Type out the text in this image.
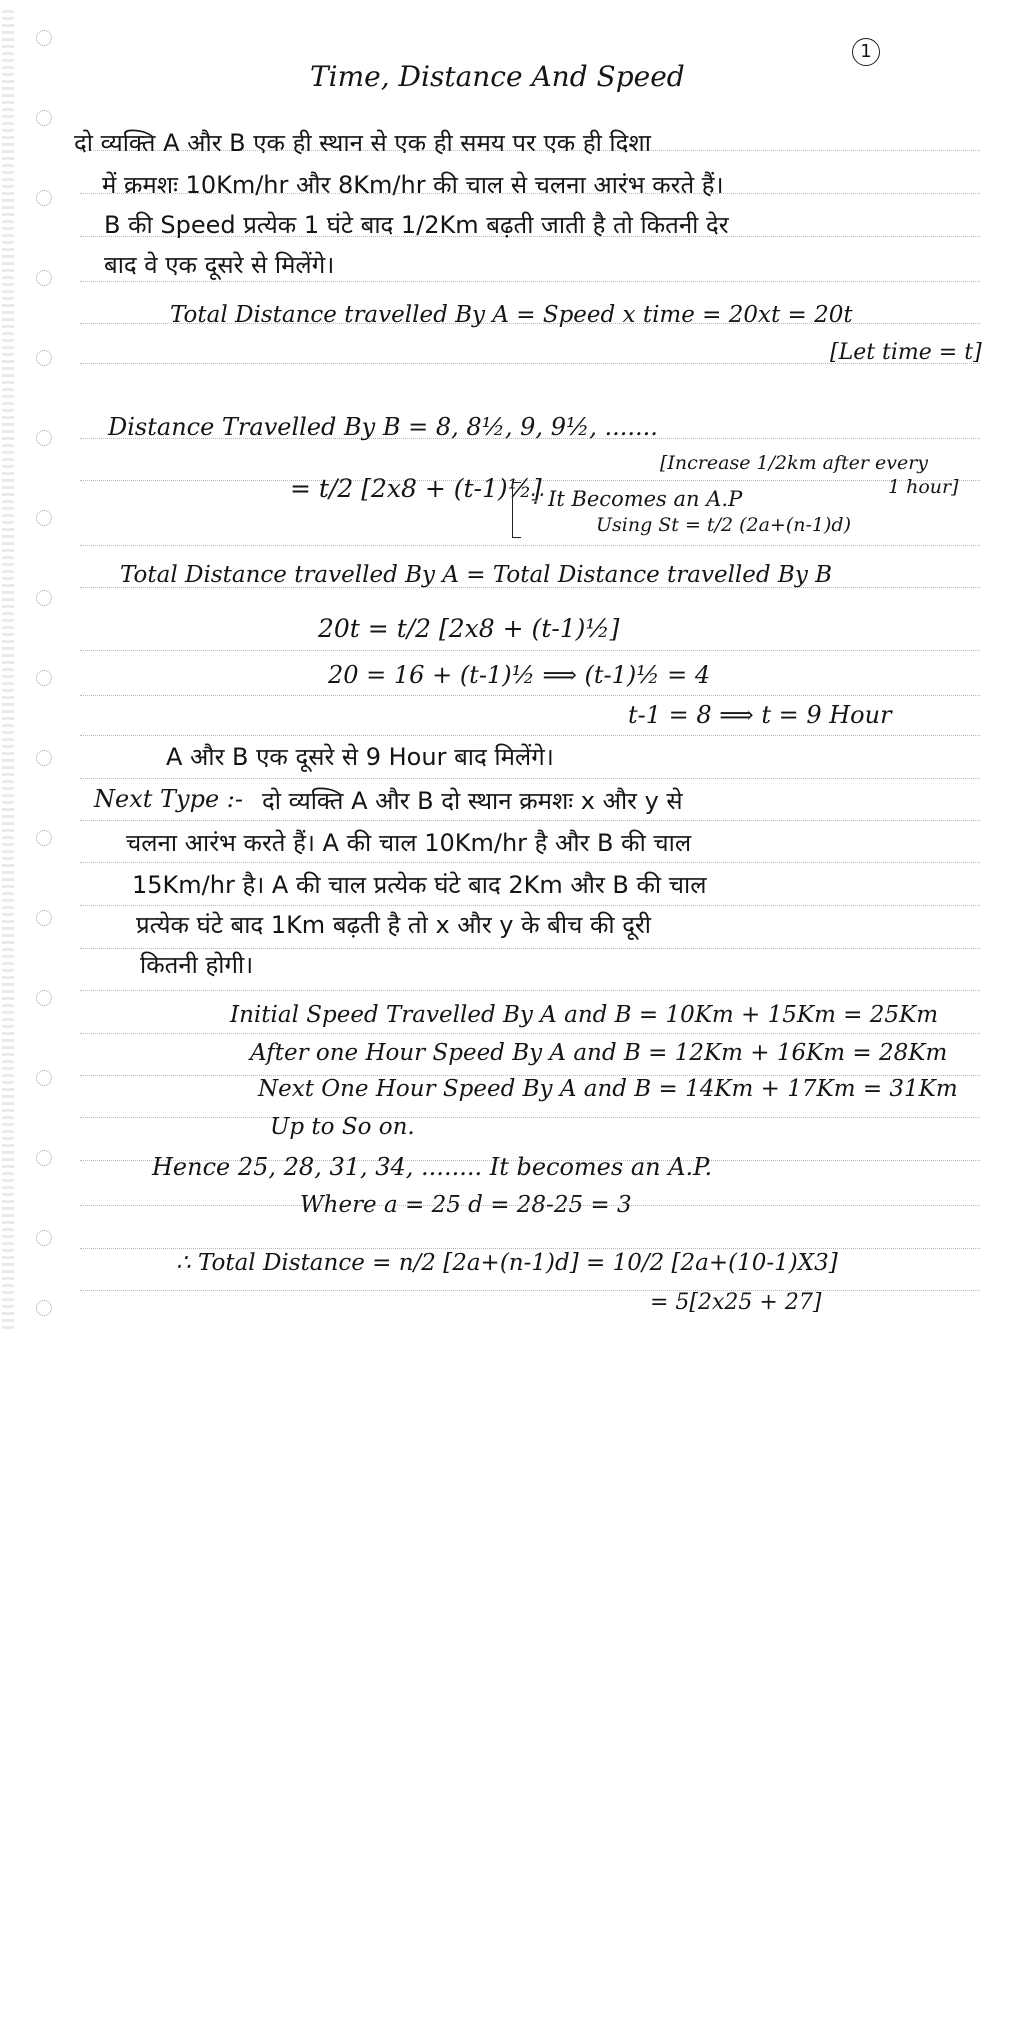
1
Time, Distance And Speed
दो व्यक्ति A और B एक ही स्थान से एक ही समय पर एक ही दिशा
में क्रमशः 10Km/hr और 8Km/hr की चाल से चलना आरंभ करते हैं।
B की Speed प्रत्येक 1 घंटे बाद 1/2Km बढ़ती जाती है तो कितनी देर
बाद वे एक दूसरे से मिलेंगे।
Total Distance travelled By A = Speed x time = 20xt = 20t
[Let time = t]
Distance Travelled By B = 8, 8½, 9, 9½, .......
[Increase 1/2km after every
1 hour]
= t/2 [2x8 + (t-1)½]
∵ It Becomes an A.P
Using St = t/2 (2a+(n-1)d)
Total Distance travelled By A = Total Distance travelled By B
20t = t/2 [2x8 + (t-1)½]
20 = 16 + (t-1)½ ⟹ (t-1)½ = 4
t-1 = 8 ⟹ t = 9 Hour
A और B एक दूसरे से 9 Hour बाद मिलेंगे।
Next Type :- दो व्यक्ति A और B दो स्थान क्रमशः x और y से
चलना आरंभ करते हैं। A की चाल 10Km/hr है और B की चाल
15Km/hr है। A की चाल प्रत्येक घंटे बाद 2Km और B की चाल
प्रत्येक घंटे बाद 1Km बढ़ती है तो x और y के बीच की दूरी
कितनी होगी।
Initial Speed Travelled By A and B = 10Km + 15Km = 25Km
After one Hour Speed By A and B = 12Km + 16Km = 28Km
Next One Hour Speed By A and B = 14Km + 17Km = 31Km
Up to So on.
Hence 25, 28, 31, 34, ........ It becomes an A.P.
Where a = 25 d = 28-25 = 3
∴ Total Distance = n/2 [2a+(n-1)d] = 10/2 [2a+(10-1)X3]
= 5[2x25 + 27]
